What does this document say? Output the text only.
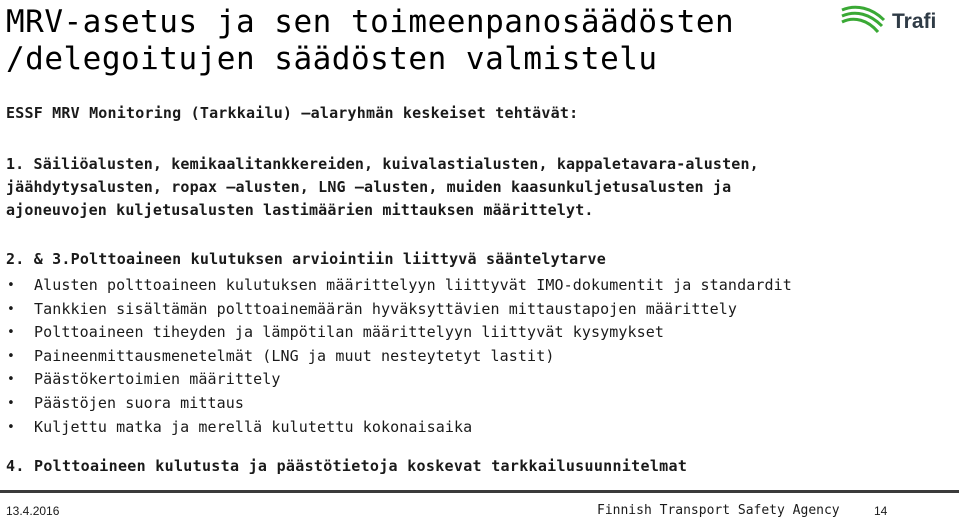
MRV-asetus ja sen toimeenpanosäädösten
/delegoitujen säädösten valmistelu
Trafi
ESSF MRV Monitoring (Tarkkailu) –alaryhmän keskeiset tehtävät:
1. Säiliöalusten, kemikaalitankkereiden, kuivalastialusten, kappaletavara-alusten,
jäähdytysalusten, ropax –alusten, LNG –alusten, muiden kaasunkuljetusalusten ja
ajoneuvojen kuljetusalusten lastimäärien mittauksen määrittelyt.
2. & 3.Polttoaineen kulutuksen arviointiin liittyvä sääntelytarve
• Alusten polttoaineen kulutuksen määrittelyyn liittyvät IMO-dokumentit ja standardit
• Tankkien sisältämän polttoainemäärän hyväksyttävien mittaustapojen määrittely
• Polttoaineen tiheyden ja lämpötilan määrittelyyn liittyvät kysymykset
• Paineenmittausmenetelmät (LNG ja muut nesteytetyt lastit)
• Päästökertoimien määrittely
• Päästöjen suora mittaus
• Kuljettu matka ja merellä kulutettu kokonaisaika
4. Polttoaineen kulutusta ja päästötietoja koskevat tarkkailusuunnitelmat
13.4.2016	Finnish Transport Safety Agency	14
